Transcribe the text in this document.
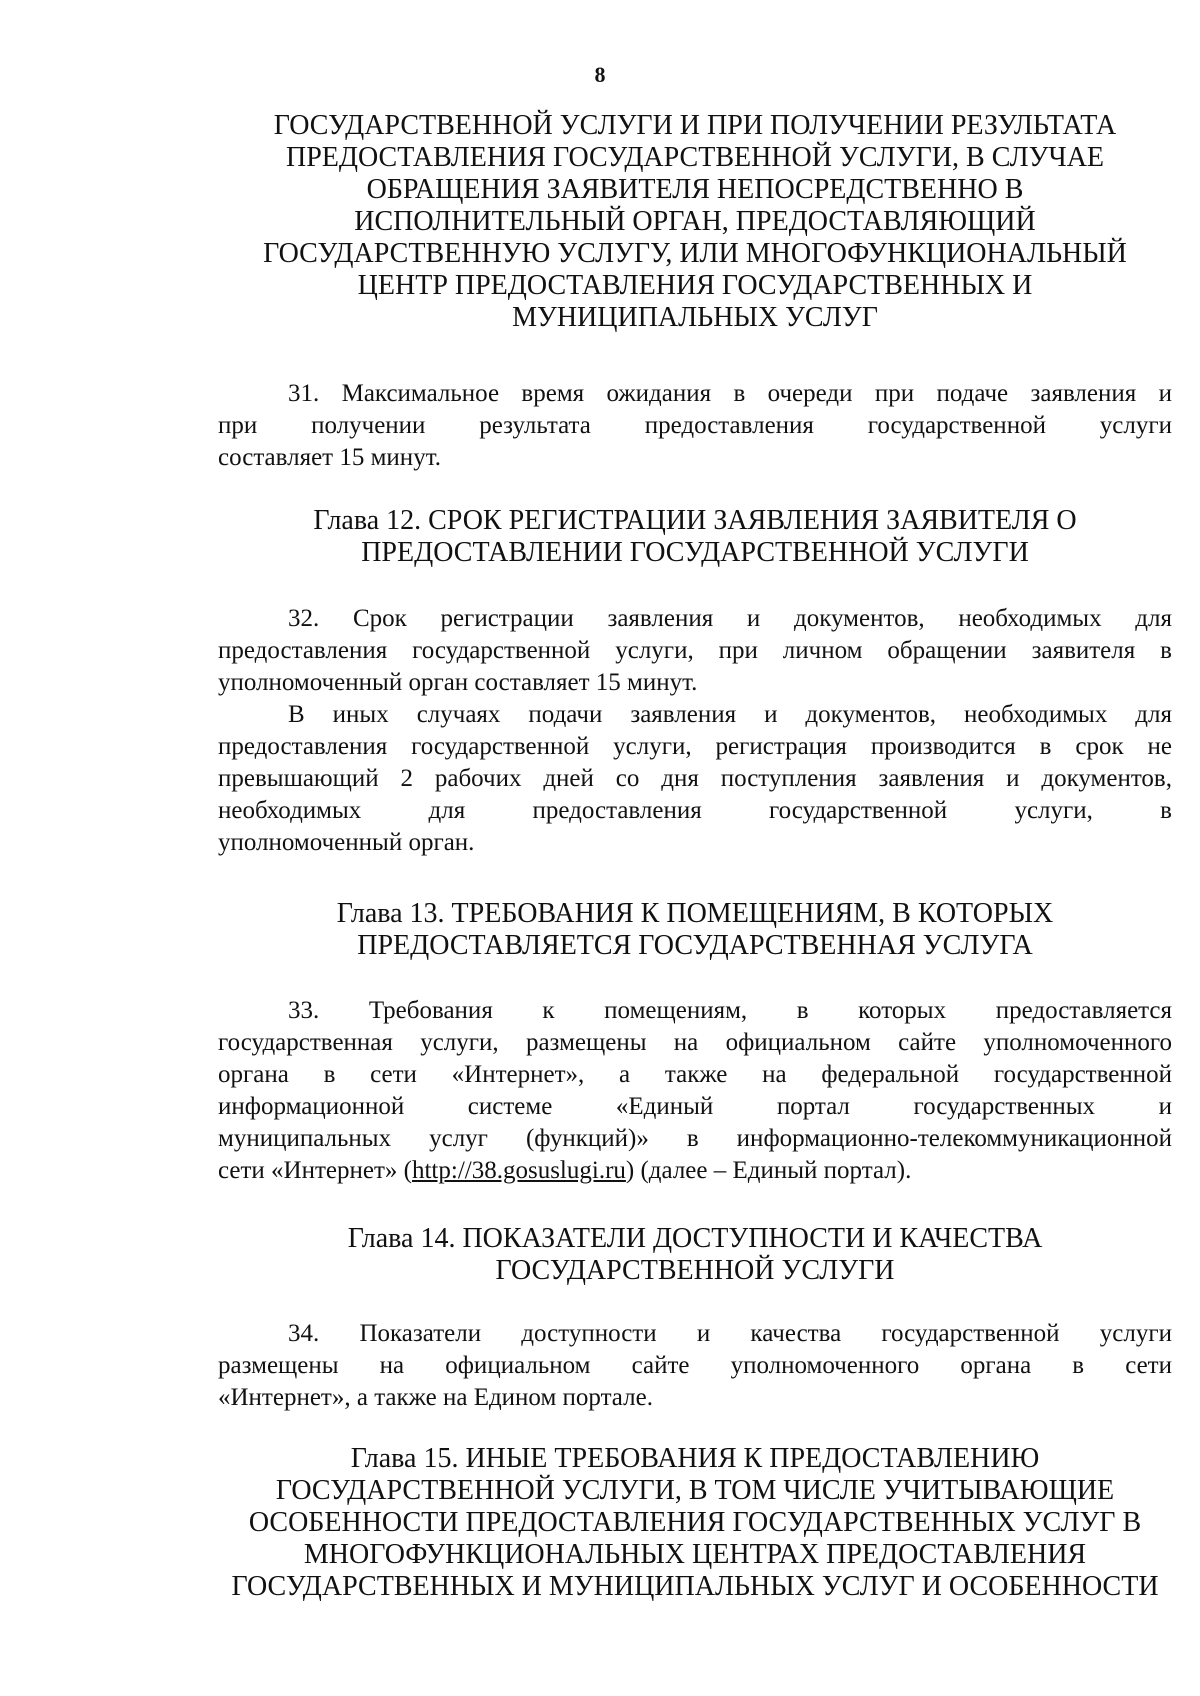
8
ГОСУДАРСТВЕННОЙ УСЛУГИ И ПРИ ПОЛУЧЕНИИ РЕЗУЛЬТАТА
ПРЕДОСТАВЛЕНИЯ ГОСУДАРСТВЕННОЙ УСЛУГИ, В СЛУЧАЕ
ОБРАЩЕНИЯ ЗАЯВИТЕЛЯ НЕПОСРЕДСТВЕННО В
ИСПОЛНИТЕЛЬНЫЙ ОРГАН, ПРЕДОСТАВЛЯЮЩИЙ
ГОСУДАРСТВЕННУЮ УСЛУГУ, ИЛИ МНОГОФУНКЦИОНАЛЬНЫЙ
ЦЕНТР ПРЕДОСТАВЛЕНИЯ ГОСУДАРСТВЕННЫХ И
МУНИЦИПАЛЬНЫХ УСЛУГ

31. Максимальное время ожидания в очереди при подаче заявления и
при получении результата предоставления государственной услуги
составляет 15 минут.

Глава 12. СРОК РЕГИСТРАЦИИ ЗАЯВЛЕНИЯ ЗАЯВИТЕЛЯ О
ПРЕДОСТАВЛЕНИИ ГОСУДАРСТВЕННОЙ УСЛУГИ

32. Срок регистрации заявления и документов, необходимых для
предоставления государственной услуги, при личном обращении заявителя в
уполномоченный орган составляет 15 минут.

В иных случаях подачи заявления и документов, необходимых для
предоставления государственной услуги, регистрация производится в срок не
превышающий 2 рабочих дней со дня поступления заявления и документов,
необходимых для предоставления государственной услуги, в
уполномоченный орган.

Глава 13. ТРЕБОВАНИЯ К ПОМЕЩЕНИЯМ, В КОТОРЫХ
ПРЕДОСТАВЛЯЕТСЯ ГОСУДАРСТВЕННАЯ УСЛУГА

33. Требования к помещениям, в которых предоставляется
государственная услуги, размещены на официальном сайте уполномоченного
органа в сети «Интернет», а также на федеральной государственной
информационной системе «Единый портал государственных и
муниципальных услуг (функций)» в информационно-телекоммуникационной
сети «Интернет» (http://38.gosuslugi.ru) (далее – Единый портал).

Глава 14. ПОКАЗАТЕЛИ ДОСТУПНОСТИ И КАЧЕСТВА
ГОСУДАРСТВЕННОЙ УСЛУГИ

34. Показатели доступности и качества государственной услуги
размещены на официальном сайте уполномоченного органа в сети
«Интернет», а также на Едином портале.

Глава 15. ИНЫЕ ТРЕБОВАНИЯ К ПРЕДОСТАВЛЕНИЮ
ГОСУДАРСТВЕННОЙ УСЛУГИ, В ТОМ ЧИСЛЕ УЧИТЫВАЮЩИЕ
ОСОБЕННОСТИ ПРЕДОСТАВЛЕНИЯ ГОСУДАРСТВЕННЫХ УСЛУГ В
МНОГОФУНКЦИОНАЛЬНЫХ ЦЕНТРАХ ПРЕДОСТАВЛЕНИЯ
ГОСУДАРСТВЕННЫХ И МУНИЦИПАЛЬНЫХ УСЛУГ И ОСОБЕННОСТИ
